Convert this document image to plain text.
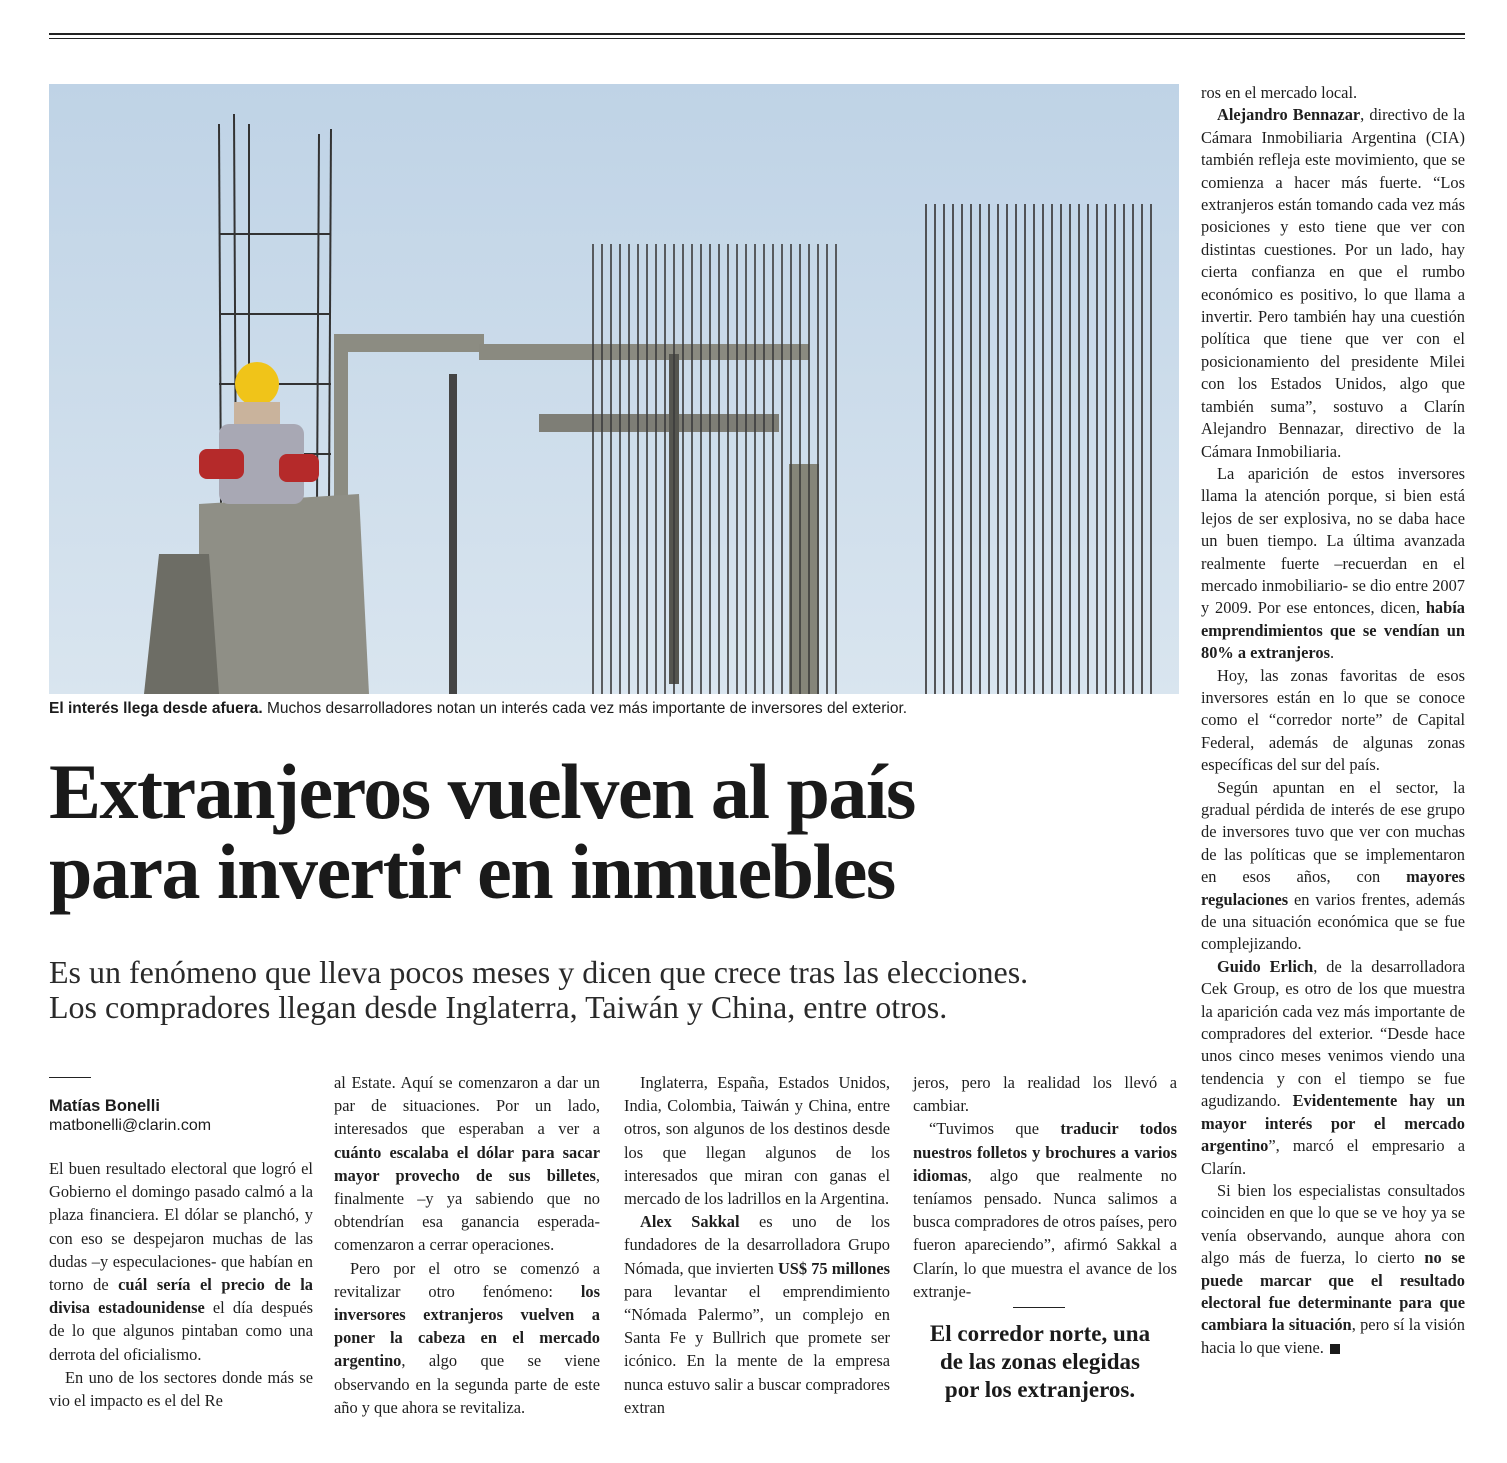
El interés llega desde afuera. Muchos desarrolladores notan un interés cada vez más importante de inversores del exterior.
Extranjeros vuelven al país
para invertir en inmuebles
Es un fenómeno que lleva pocos meses y dicen que crece tras las elecciones.
Los compradores llegan desde Inglaterra, Taiwán y China, entre otros.
Matías Bonelli
matbonelli@clarin.com

El buen resultado electoral que logró el Gobierno el domingo pasado calmó a la plaza financiera. El dólar se planchó, y con eso se despejaron muchas de las dudas –y especulaciones- que habían en torno de cuál sería el precio de la divisa estadounidense el día después de lo que algunos pintaban como una derrota del oficialismo.

En uno de los sectores donde más se vio el impacto es el del Re

al Estate. Aquí se comenzaron a dar un par de situaciones. Por un lado, interesados que esperaban a ver a cuánto escalaba el dólar para sacar mayor provecho de sus billetes, finalmente –y ya sabiendo que no obtendrían esa ganancia esperada- comenzaron a cerrar operaciones.

Pero por el otro se comenzó a revitalizar otro fenómeno: los inversores extranjeros vuelven a poner la cabeza en el mercado argentino, algo que se viene observando en la segunda parte de este año y que ahora se revitaliza.

Inglaterra, España, Estados Unidos, India, Colombia, Taiwán y China, entre otros, son algunos de los destinos desde los que llegan algunos de los interesados que miran con ganas el mercado de los ladrillos en la Argentina.

Alex Sakkal es uno de los fundadores de la desarrolladora Grupo Nómada, que invierten US$ 75 millones para levantar el emprendimiento “Nómada Palermo”, un complejo en Santa Fe y Bullrich que promete ser icónico. En la mente de la empresa nunca estuvo salir a buscar compradores extran

jeros, pero la realidad los llevó a cambiar.

“Tuvimos que traducir todos nuestros folletos y brochures a varios idiomas, algo que realmente no teníamos pensado. Nunca salimos a busca compradores de otros países, pero fueron apareciendo”, afirmó Sakkal a Clarín, lo que muestra el avance de los extranje-

El corredor norte, una
de las zonas elegidas
por los extranjeros.

ros en el mercado local.

Alejandro Bennazar, directivo de la Cámara Inmobiliaria Argentina (CIA) también refleja este movimiento, que se comienza a hacer más fuerte. “Los extranjeros están tomando cada vez más posiciones y esto tiene que ver con distintas cuestiones. Por un lado, hay cierta confianza en que el rumbo económico es positivo, lo que llama a invertir. Pero también hay una cuestión política que tiene que ver con el posicionamiento del presidente Milei con los Estados Unidos, algo que también suma”, sostuvo a Clarín Alejandro Bennazar, directivo de la Cámara Inmobiliaria.

La aparición de estos inversores llama la atención porque, si bien está lejos de ser explosiva, no se daba hace un buen tiempo. La última avanzada realmente fuerte –recuerdan en el mercado inmobiliario- se dio entre 2007 y 2009. Por ese entonces, dicen, había emprendimientos que se vendían un 80% a extranjeros.

Hoy, las zonas favoritas de esos inversores están en lo que se conoce como el “corredor norte” de Capital Federal, además de algunas zonas específicas del sur del país.

Según apuntan en el sector, la gradual pérdida de interés de ese grupo de inversores tuvo que ver con muchas de las políticas que se implementaron en esos años, con mayores regulaciones en varios frentes, además de una situación económica que se fue complejizando.

Guido Erlich, de la desarrolladora Cek Group, es otro de los que muestra la aparición cada vez más importante de compradores del exterior. “Desde hace unos cinco meses venimos viendo una tendencia y con el tiempo se fue agudizando. Evidentemente hay un mayor interés por el mercado argentino”, marcó el empresario a Clarín.

Si bien los especialistas consultados coinciden en que lo que se ve hoy ya se venía observando, aunque ahora con algo más de fuerza, lo cierto no se puede marcar que el resultado electoral fue determinante para que cambiara la situación, pero sí la visión hacia lo que viene.
